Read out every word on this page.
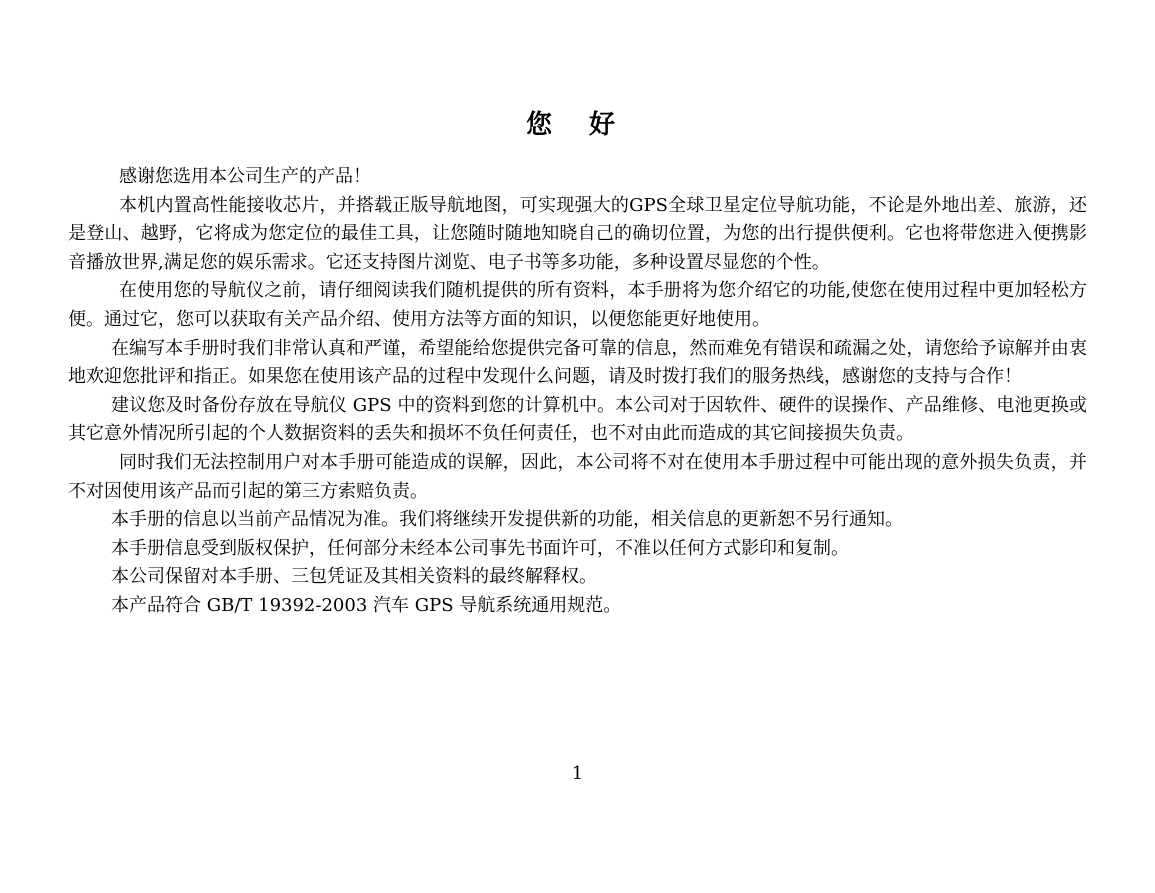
您 好

感谢您选用本公司生产的产品！

本机内置高性能接收芯片，并搭载正版导航地图，可实现强大的GPS全球卫星定位导航功能，不论是外地出差、旅游，还是登山、越野，它将成为您定位的最佳工具，让您随时随地知晓自己的确切位置，为您的出行提供便利。它也将带您进入便携影音播放世界,满足您的娱乐需求。它还支持图片浏览、电子书等多功能，多种设置尽显您的个性。

在使用您的导航仪之前，请仔细阅读我们随机提供的所有资料，本手册将为您介绍它的功能,使您在使用过程中更加轻松方便。通过它，您可以获取有关产品介绍、使用方法等方面的知识，以便您能更好地使用。

在编写本手册时我们非常认真和严谨，希望能给您提供完备可靠的信息，然而难免有错误和疏漏之处，请您给予谅解并由衷地欢迎您批评和指正。如果您在使用该产品的过程中发现什么问题，请及时拨打我们的服务热线，感谢您的支持与合作！

建议您及时备份存放在导航仪 GPS 中的资料到您的计算机中。本公司对于因软件、硬件的误操作、产品维修、电池更换或其它意外情况所引起的个人数据资料的丢失和损坏不负任何责任，也不对由此而造成的其它间接损失负责。

同时我们无法控制用户对本手册可能造成的误解，因此，本公司将不对在使用本手册过程中可能出现的意外损失负责，并不对因使用该产品而引起的第三方索赔负责。

本手册的信息以当前产品情况为准。我们将继续开发提供新的功能，相关信息的更新恕不另行通知。

本手册信息受到版权保护，任何部分未经本公司事先书面许可，不准以任何方式影印和复制。

本公司保留对本手册、三包凭证及其相关资料的最终解释权。

本产品符合 GB/T 19392-2003 汽车 GPS 导航系统通用规范。

1
